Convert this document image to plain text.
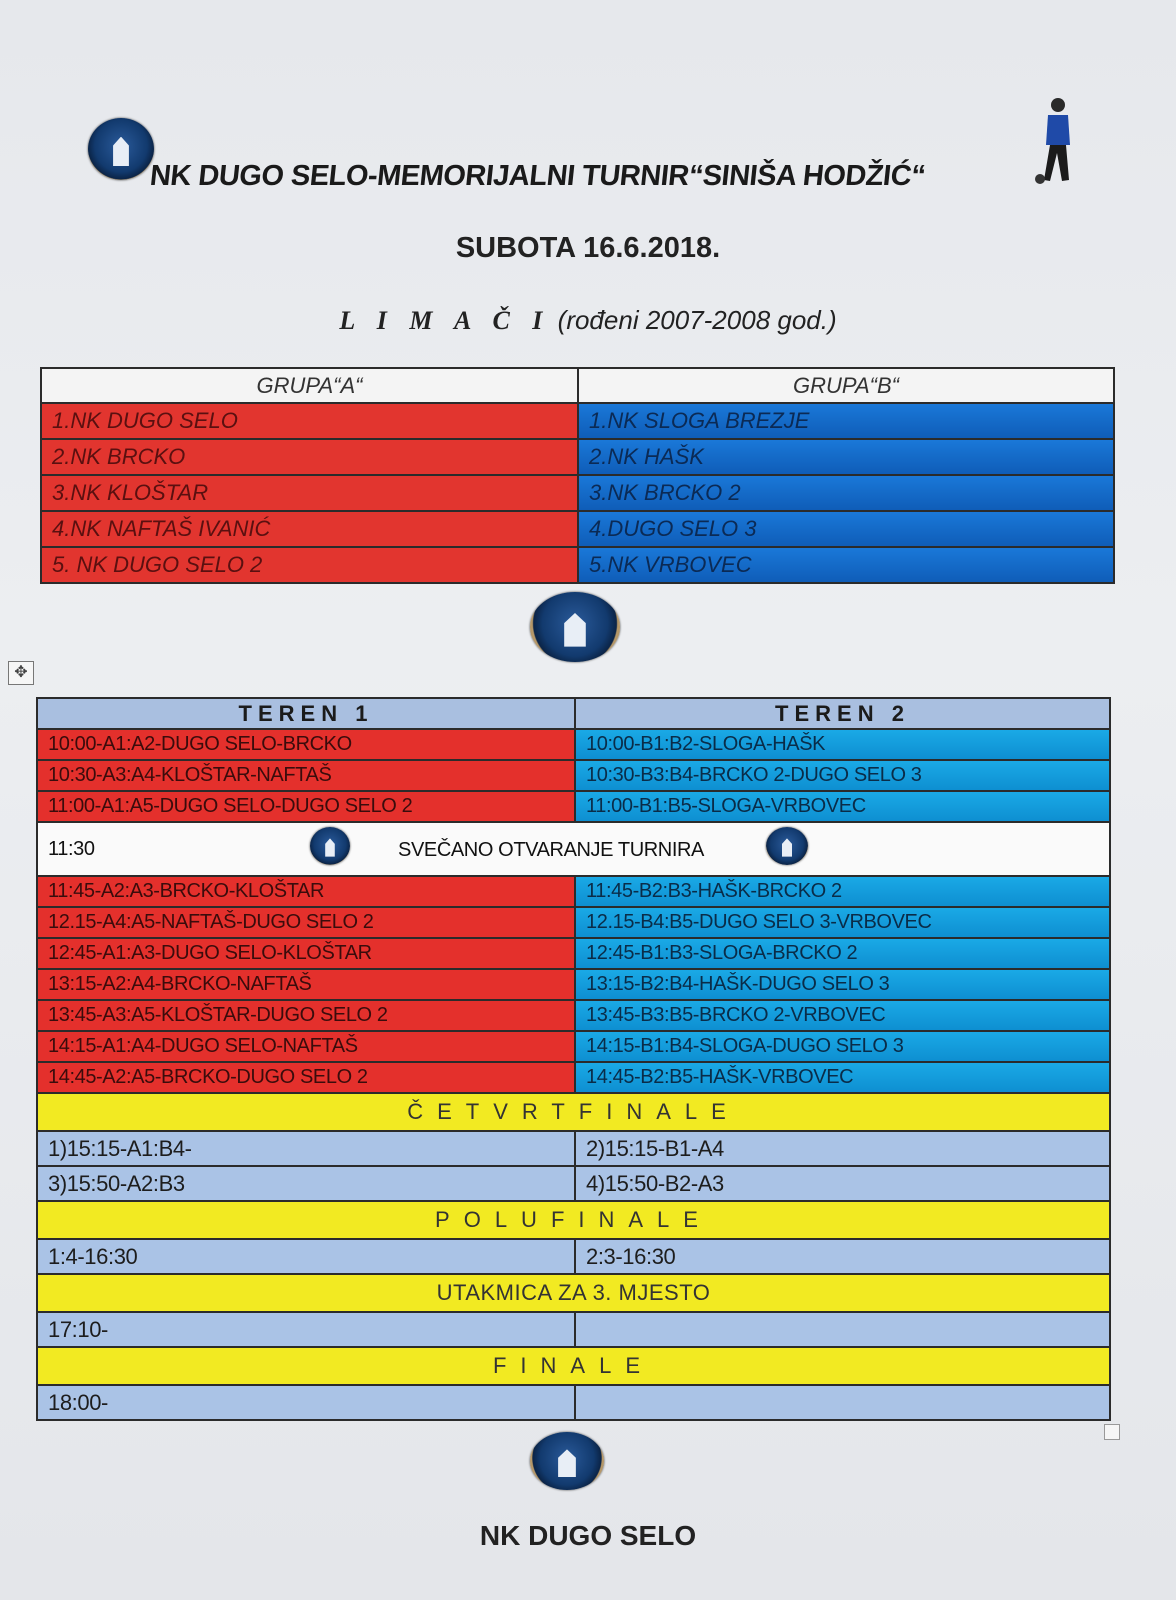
NK DUGO SELO-MEMORIJALNI TURNIR“SINIŠA HODŽIĆ“
SUBOTA 16.6.2018.
L I M A Č I (rođeni 2007-2008 god.)
GRUPA“A“	GRUPA“B“
1.NK DUGO SELO	1.NK SLOGA BREZJE
2.NK BRCKO	2.NK HAŠK
3.NK KLOŠTAR	3.NK BRCKO 2
4.NK NAFTAŠ IVANIĆ	4.DUGO SELO 3
5. NK DUGO SELO 2	5.NK VRBOVEC
✥
TEREN 1	TEREN 2
10:00-A1:A2-DUGO SELO-BRCKO	10:00-B1:B2-SLOGA-HAŠK
10:30-A3:A4-KLOŠTAR-NAFTAŠ	10:30-B3:B4-BRCKO 2-DUGO SELO 3
11:00-A1:A5-DUGO SELO-DUGO SELO 2	11:00-B1:B5-SLOGA-VRBOVEC
11:30 SVEČANO OTVARANJE TURNIRA	

11:45-A2:A3-BRCKO-KLOŠTAR	11:45-B2:B3-HAŠK-BRCKO 2
12.15-A4:A5-NAFTAŠ-DUGO SELO 2	12.15-B4:B5-DUGO SELO 3-VRBOVEC
12:45-A1:A3-DUGO SELO-KLOŠTAR	12:45-B1:B3-SLOGA-BRCKO 2
13:15-A2:A4-BRCKO-NAFTAŠ	13:15-B2:B4-HAŠK-DUGO SELO 3
13:45-A3:A5-KLOŠTAR-DUGO SELO 2	13:45-B3:B5-BRCKO 2-VRBOVEC
14:15-A1:A4-DUGO SELO-NAFTAŠ	14:15-B1:B4-SLOGA-DUGO SELO 3
14:45-A2:A5-BRCKO-DUGO SELO 2	14:45-B2:B5-HAŠK-VRBOVEC
ČETVRTFINALE	
1)15:15-A1:B4-	2)15:15-B1-A4
3)15:50-A2:B3	4)15:50-B2-A3
POLUFINALE	
1:4-16:30	2:3-16:30
UTAKMICA ZA 3. MJESTO	
17:10-	
FINALE	
18:00-	
NK DUGO SELO
